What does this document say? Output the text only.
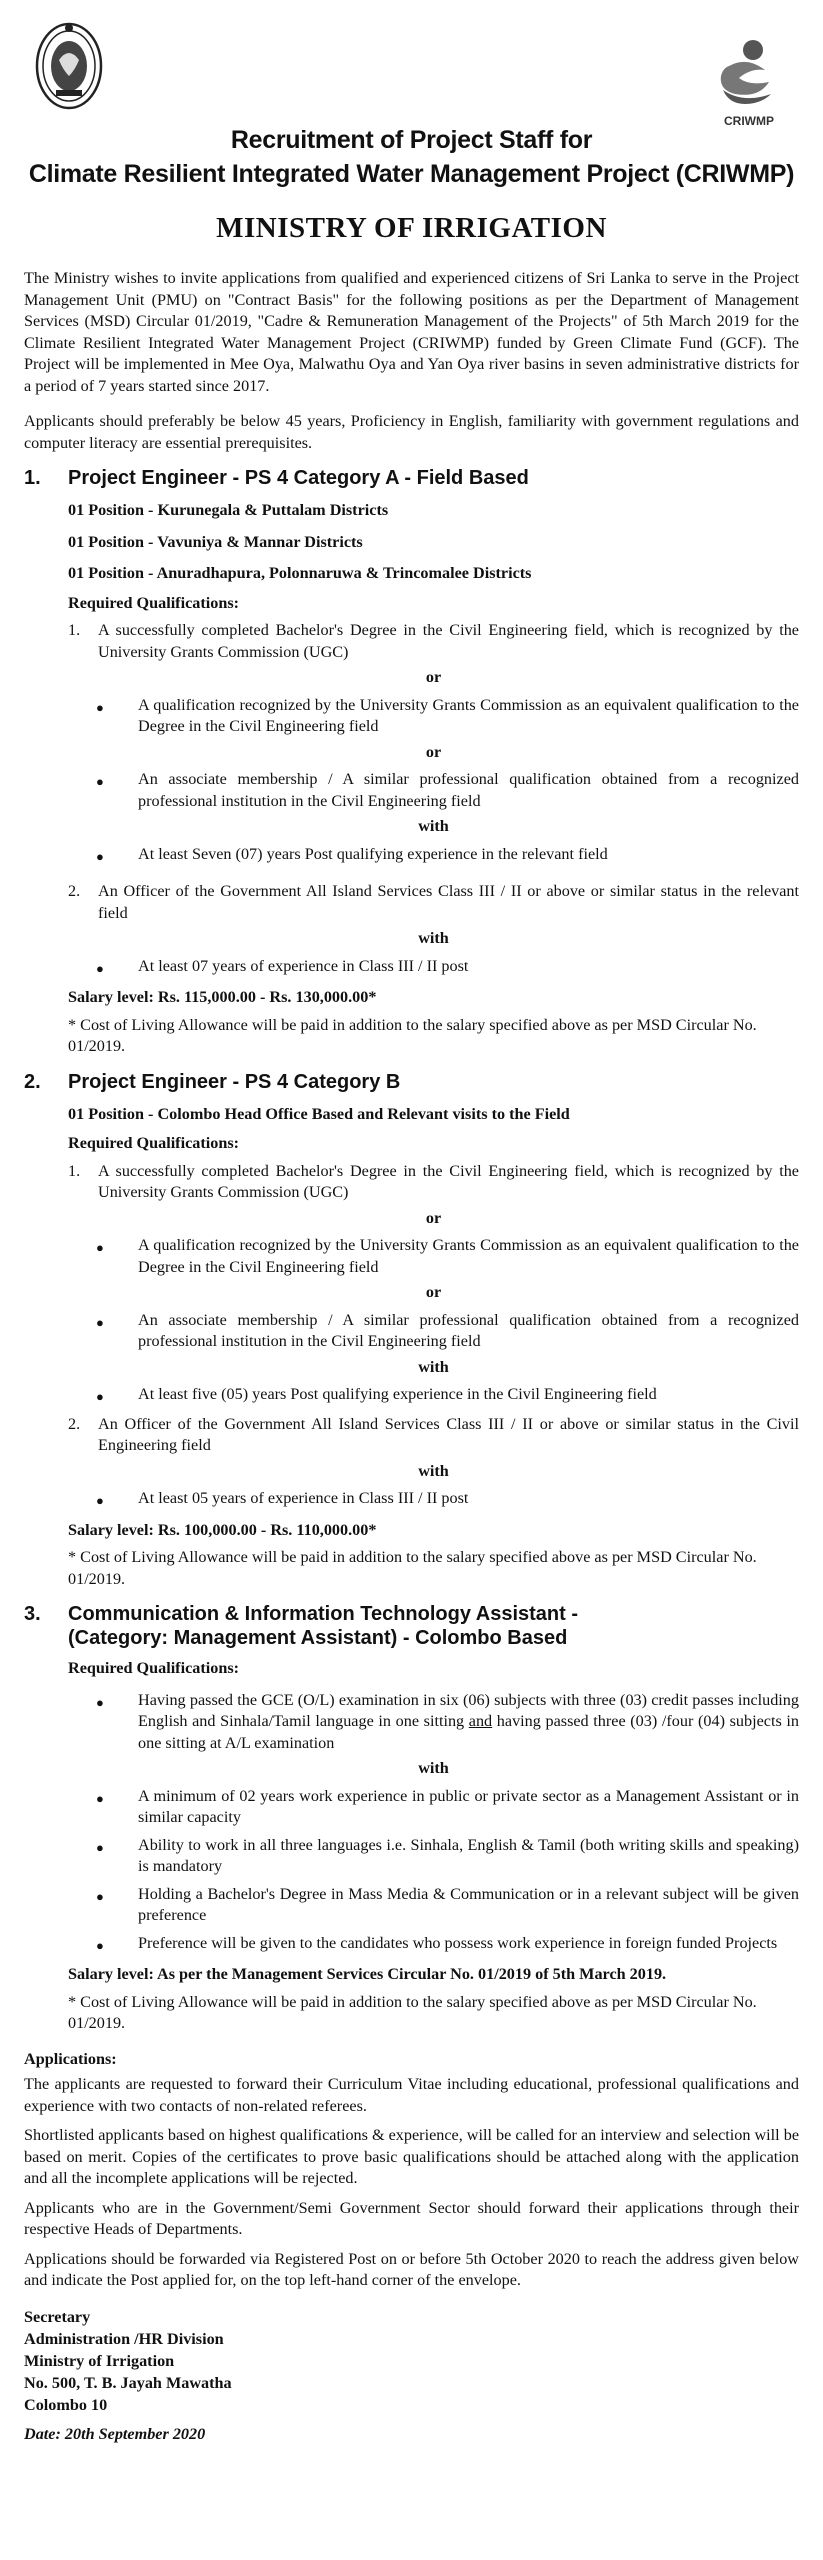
CRIWMP
Recruitment of Project Staff for
Climate Resilient Integrated Water Management Project (CRIWMP)
MINISTRY OF IRRIGATION

The Ministry wishes to invite applications from qualified and experienced citizens of Sri Lanka to serve in the Project Management Unit (PMU) on "Contract Basis" for the following positions as per the Department of Management Services (MSD) Circular 01/2019, "Cadre & Remuneration Management of the Projects" of 5th March 2019 for the Climate Resilient Integrated Water Management Project (CRIWMP) funded by Green Climate Fund (GCF). The Project will be implemented in Mee Oya, Malwathu Oya and Yan Oya river basins in seven administrative districts for a period of 7 years started since 2017.

Applicants should preferably be below 45 years, Proficiency in English, familiarity with government regulations and computer literacy are essential prerequisites.

1.	Project Engineer - PS 4 Category A - Field Based
01 Position - Kurunegala & Puttalam Districts
01 Position - Vavuniya & Mannar Districts
01 Position - Anuradhapura, Polonnaruwa & Trincomalee Districts
Required Qualifications:
1.	A successfully completed Bachelor's Degree in the Civil Engineering field, which is recognized by the University Grants Commission (UGC)
or
●	A qualification recognized by the University Grants Commission as an equivalent qualification to the Degree in the Civil Engineering field
or
●	An associate membership / A similar professional qualification obtained from a recognized professional institution in the Civil Engineering field
with
●	At least Seven (07) years Post qualifying experience in the relevant field
2.	An Officer of the Government All Island Services Class III / II or above or similar status in the relevant field
with
●	At least 07 years of experience in Class III / II post
Salary level: Rs. 115,000.00 - Rs. 130,000.00*
* Cost of Living Allowance will be paid in addition to the salary specified above as per MSD Circular No. 01/2019.
2.	Project Engineer - PS 4 Category B
01 Position - Colombo Head Office Based and Relevant visits to the Field
Required Qualifications:
1.	A successfully completed Bachelor's Degree in the Civil Engineering field, which is recognized by the University Grants Commission (UGC)
or
●	A qualification recognized by the University Grants Commission as an equivalent qualification to the Degree in the Civil Engineering field
or
●	An associate membership / A similar professional qualification obtained from a recognized professional institution in the Civil Engineering field
with
●	At least five (05) years Post qualifying experience in the Civil Engineering field
2.	An Officer of the Government All Island Services Class III / II or above or similar status in the Civil Engineering field
with
●	At least 05 years of experience in Class III / II post
Salary level: Rs. 100,000.00 - Rs. 110,000.00*
* Cost of Living Allowance will be paid in addition to the salary specified above as per MSD Circular No. 01/2019.
3.	Communication & Information Technology Assistant -
(Category: Management Assistant) - Colombo Based
Required Qualifications:
●	Having passed the GCE (O/L) examination in six (06) subjects with three (03) credit passes including English and Sinhala/Tamil language in one sitting and having passed three (03) /four (04) subjects in one sitting at A/L examination
with
●	A minimum of 02 years work experience in public or private sector as a Management Assistant or in similar capacity
●	Ability to work in all three languages i.e. Sinhala, English & Tamil (both writing skills and speaking) is mandatory
●	Holding a Bachelor's Degree in Mass Media & Communication or in a relevant subject will be given preference
●	Preference will be given to the candidates who possess work experience in foreign funded Projects
Salary level: As per the Management Services Circular No. 01/2019 of 5th March 2019.
* Cost of Living Allowance will be paid in addition to the salary specified above as per MSD Circular No. 01/2019.
Applications:

The applicants are requested to forward their Curriculum Vitae including educational, professional qualifications and experience with two contacts of non-related referees.

Shortlisted applicants based on highest qualifications & experience, will be called for an interview and selection will be based on merit. Copies of the certificates to prove basic qualifications should be attached along with the application and all the incomplete applications will be rejected.

Applicants who are in the Government/Semi Government Sector should forward their applications through their respective Heads of Departments.

Applications should be forwarded via Registered Post on or before 5th October 2020 to reach the address given below and indicate the Post applied for, on the top left-hand corner of the envelope.

Secretary
Administration /HR Division
Ministry of Irrigation
No. 500, T. B. Jayah Mawatha
Colombo 10
Date: 20th September 2020
